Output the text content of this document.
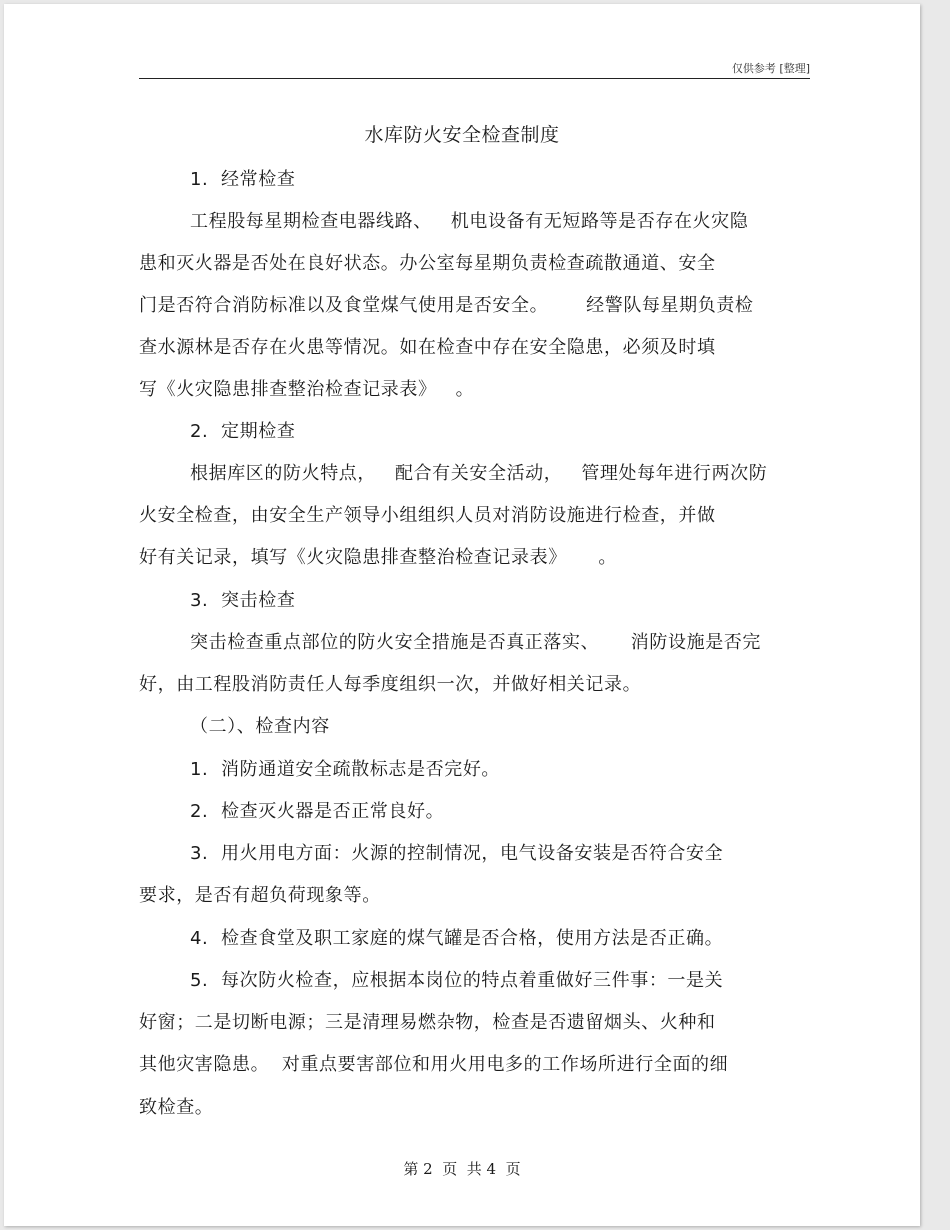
仅供参考 [整理]
水库防火安全检查制度
1.  经常检查
工程股每星期检查电器线路、   机电设备有无短路等是否存在火灾隐
患和灭火器是否处在良好状态。办公室每星期负责检查疏散通道、安全
门是否符合消防标准以及食堂煤气使用是否安全。      经警队每星期负责检
查水源林是否存在火患等情况。如在检查中存在安全隐患，必须及时填
写《火灾隐患排查整治检查记录表》   。
2.  定期检查
根据库区的防火特点，   配合有关安全活动，   管理处每年进行两次防
火安全检查，由安全生产领导小组组织人员对消防设施进行检查，并做
好有关记录，填写《火灾隐患排查整治检查记录表》     。
3.  突击检查
突击检查重点部位的防火安全措施是否真正落实、     消防设施是否完
好，由工程股消防责任人每季度组织一次，并做好相关记录。
（二）、检查内容
1.  消防通道安全疏散标志是否完好。
2.  检查灭火器是否正常良好。
3.  用火用电方面：火源的控制情况，电气设备安装是否符合安全
要求，是否有超负荷现象等。
4.  检查食堂及职工家庭的煤气罐是否合格，使用方法是否正确。
5.  每次防火检查，应根据本岗位的特点着重做好三件事：一是关
好窗；二是切断电源；三是清理易燃杂物，检查是否遗留烟头、火种和
其他灾害隐患。  对重点要害部位和用火用电多的工作场所进行全面的细
致检查。
第 2  页  共 4  页
